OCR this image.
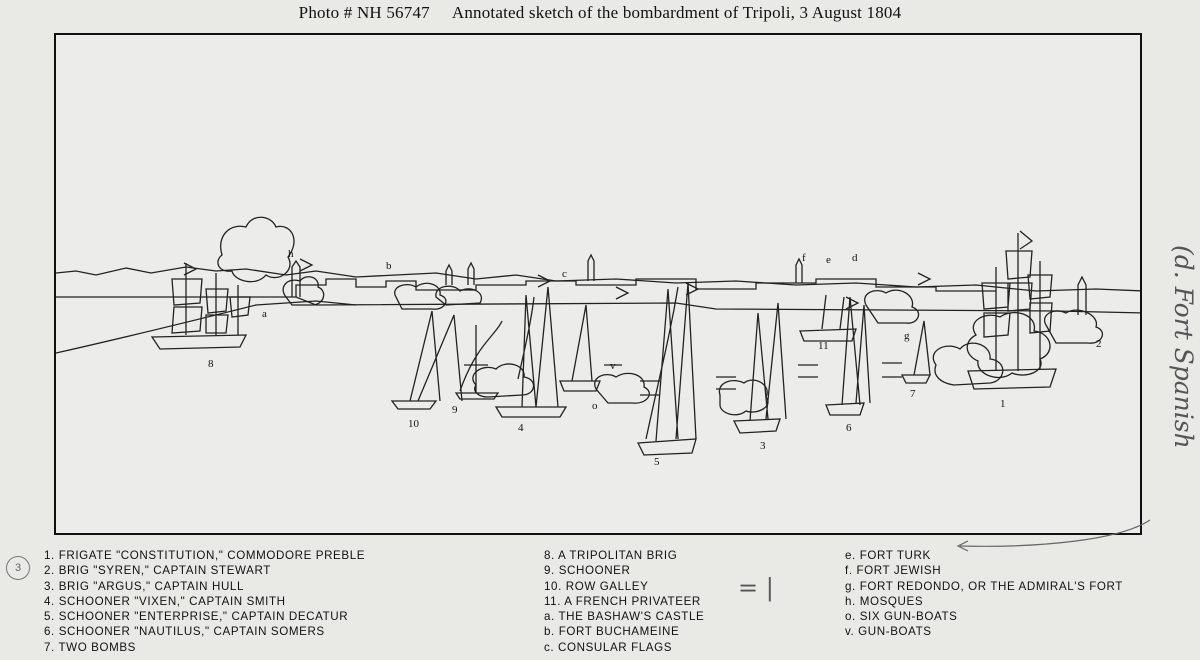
Photo # NH 56747 Annotated sketch of the bombardment of Tripoli, 3 August 1804
1
2
3
4
5
6
7
8
9
10
11
a
b
c
e
f
g
h	d
o
v
1. FRIGATE "CONSTITUTION," COMMODORE PREBLE
2. BRIG "SYREN," CAPTAIN STEWART
3. BRIG "ARGUS," CAPTAIN HULL
4. SCHOONER "VIXEN," CAPTAIN SMITH
5. SCHOONER "ENTERPRISE," CAPTAIN DECATUR
6. SCHOONER "NAUTILUS," CAPTAIN SOMERS
7. TWO BOMBS
8. A TRIPOLITAN BRIG
9. SCHOONER
10. ROW GALLEY
11. A FRENCH PRIVATEER
a. THE BASHAW'S CASTLE
b. FORT BUCHAMEINE
c. CONSULAR FLAGS
e. FORT TURK
f. FORT JEWISH
g. FORT REDONDO, OR THE ADMIRAL'S FORT
h. MOSQUES
o. SIX GUN-BOATS
v. GUN-BOATS
3
= |
(d. Fort Spanish
